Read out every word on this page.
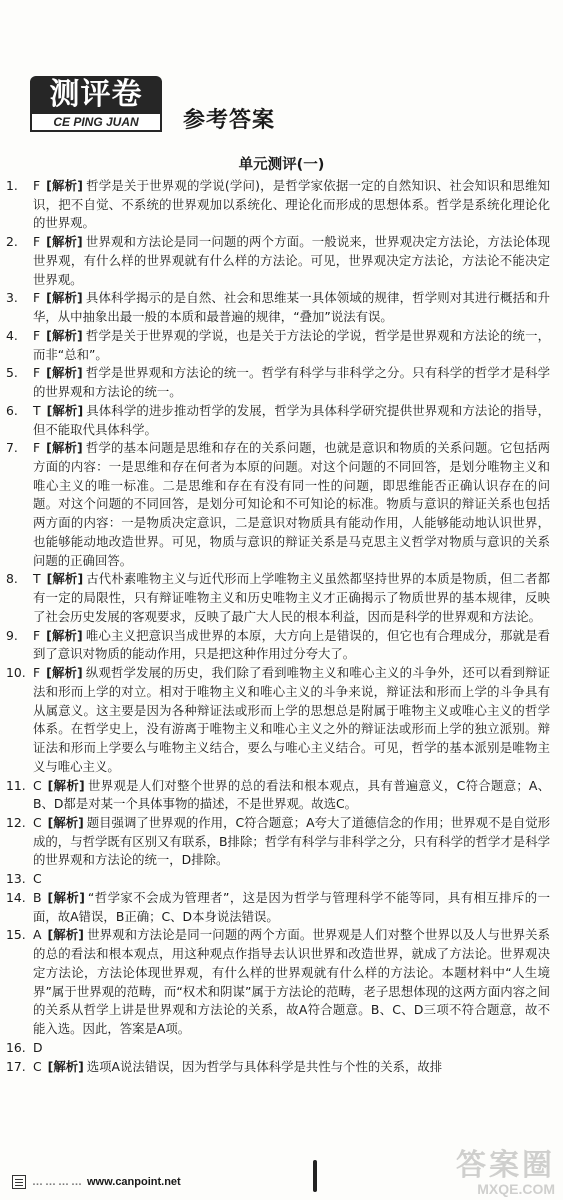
测评卷
CE PING JUAN	参考答案
单元测评(一)
1. F [解析] 哲学是关于世界观的学说(学问)，是哲学家依据一定的自然知识、社会知识和思维知识，把不自觉、不系统的世界观加以系统化、理论化而形成的思想体系。哲学是系统化理论化的世界观。
2. F [解析] 世界观和方法论是同一问题的两个方面。一般说来，世界观决定方法论，方法论体现世界观，有什么样的世界观就有什么样的方法论。可见，世界观决定方法论，方法论不能决定世界观。
3. F [解析] 具体科学揭示的是自然、社会和思维某一具体领域的规律，哲学则对其进行概括和升华，从中抽象出最一般的本质和最普遍的规律，“叠加”说法有误。
4. F [解析] 哲学是关于世界观的学说，也是关于方法论的学说，哲学是世界观和方法论的统一，而非“总和”。
5. F [解析] 哲学是世界观和方法论的统一。哲学有科学与非科学之分。只有科学的哲学才是科学的世界观和方法论的统一。
6. T [解析] 具体科学的进步推动哲学的发展，哲学为具体科学研究提供世界观和方法论的指导，但不能取代具体科学。
7. F [解析] 哲学的基本问题是思维和存在的关系问题，也就是意识和物质的关系问题。它包括两方面的内容：一是思维和存在何者为本原的问题。对这个问题的不同回答，是划分唯物主义和唯心主义的唯一标准。二是思维和存在有没有同一性的问题，即思维能否正确认识存在的问题。对这个问题的不同回答，是划分可知论和不可知论的标准。物质与意识的辩证关系也包括两方面的内容：一是物质决定意识，二是意识对物质具有能动作用，人能够能动地认识世界，也能够能动地改造世界。可见，物质与意识的辩证关系是马克思主义哲学对物质与意识的关系问题的正确回答。
8. T [解析] 古代朴素唯物主义与近代形而上学唯物主义虽然都坚持世界的本质是物质，但二者都有一定的局限性，只有辩证唯物主义和历史唯物主义才正确揭示了物质世界的基本规律，反映了社会历史发展的客观要求，反映了最广大人民的根本利益，因而是科学的世界观和方法论。
9. F [解析] 唯心主义把意识当成世界的本原，大方向上是错误的，但它也有合理成分，那就是看到了意识对物质的能动作用，只是把这种作用过分夸大了。
10. F [解析] 纵观哲学发展的历史，我们除了看到唯物主义和唯心主义的斗争外，还可以看到辩证法和形而上学的对立。相对于唯物主义和唯心主义的斗争来说，辩证法和形而上学的斗争具有从属意义。这主要是因为各种辩证法或形而上学的思想总是附属于唯物主义或唯心主义的哲学体系。在哲学史上，没有游离于唯物主义和唯心主义之外的辩证法或形而上学的独立派别。辩证法和形而上学要么与唯物主义结合，要么与唯心主义结合。可见，哲学的基本派别是唯物主义与唯心主义。
11. C [解析] 世界观是人们对整个世界的总的看法和根本观点，具有普遍意义，C符合题意；A、B、D都是对某一个具体事物的描述，不是世界观。故选C。
12. C [解析] 题目强调了世界观的作用，C符合题意；A夸大了道德信念的作用；世界观不是自觉形成的，与哲学既有区别又有联系，B排除；哲学有科学与非科学之分，只有科学的哲学才是科学的世界观和方法论的统一，D排除。
13. C
14. B [解析] “哲学家不会成为管理者”，这是因为哲学与管理科学不能等同，具有相互排斥的一面，故A错误，B正确；C、D本身说法错误。
15. A [解析] 世界观和方法论是同一问题的两个方面。世界观是人们对整个世界以及人与世界关系的总的看法和根本观点，用这种观点作指导去认识世界和改造世界，就成了方法论。世界观决定方法论，方法论体现世界观，有什么样的世界观就有什么样的方法论。本题材料中“人生境界”属于世界观的范畴，而“权术和阴谋”属于方法论的范畴，老子思想体现的这两方面内容之间的关系从哲学上讲是世界观和方法论的关系，故A符合题意。B、C、D三项不符合题意，故不能入选。因此，答案是A项。
16. D
17. C [解析] 选项A说法错误，因为哲学与具体科学是共性与个性的关系，故排
………… www.canpoint.net	答案圈
MXQE.COM
